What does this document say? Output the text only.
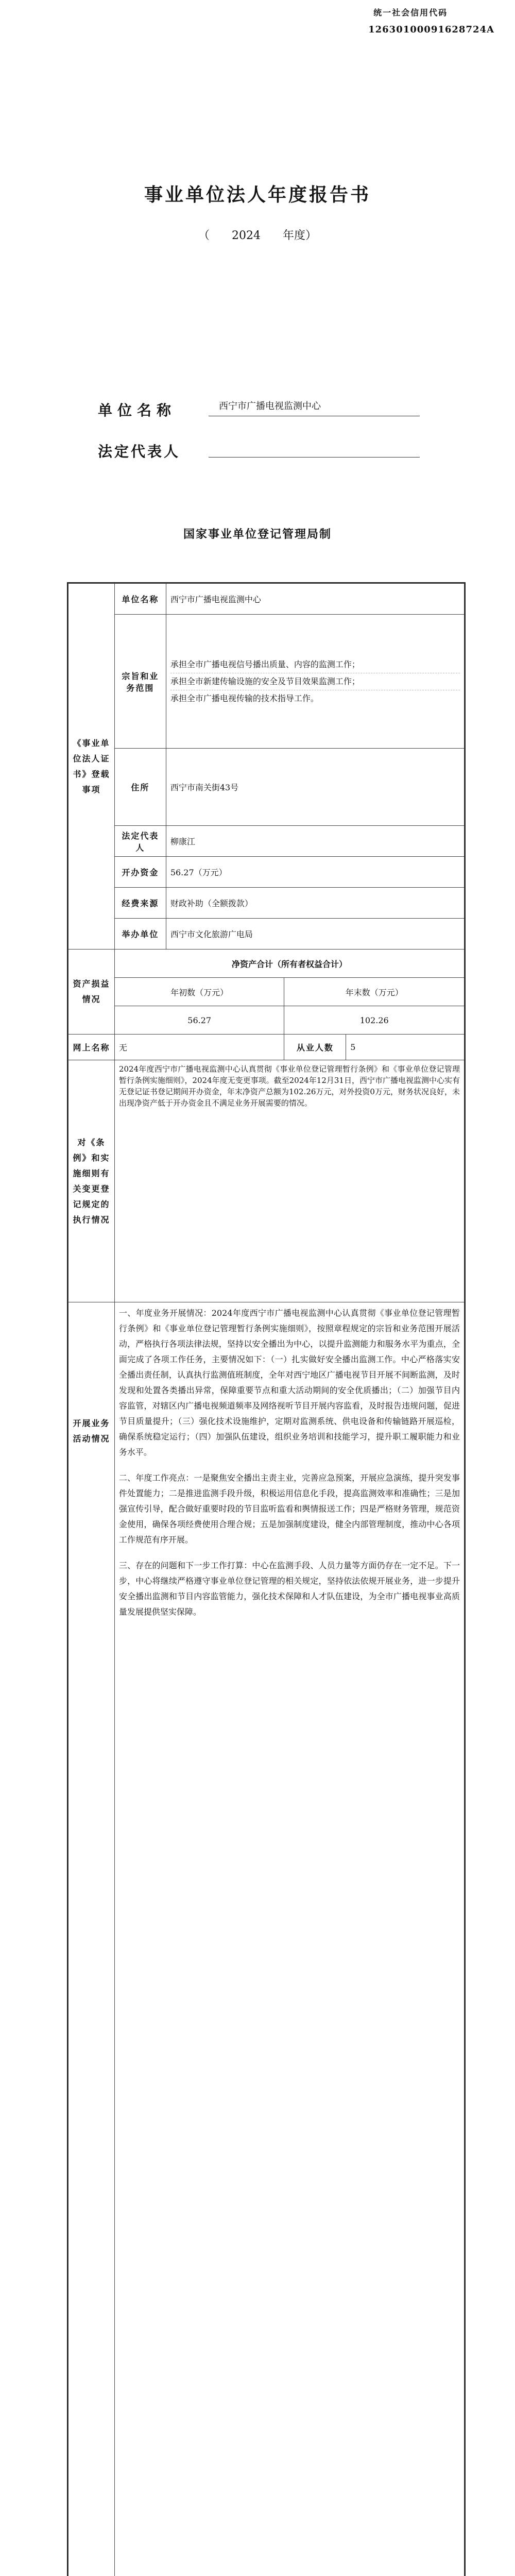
统一社会信用代码
12630100091628724A
事业单位法人年度报告书
（ 2024 年度）
单位名称	西宁市广播电视监测中心
法定代表人
国家事业单位登记管理局制
《事业单位法人证书》登载事项	单位名称	西宁市广播电视监测中心		
	宗旨和业务范围	承担全市广播电视信号播出质量、内容的监测工作；
承担全市新建传输设施的安全及节目效果监测工作；
承担全市广播电视传输的技术指导工作。		

	住所	西宁市南关街43号		
	法定代表人	柳康江		
	开办资金	56.27（万元）		
	经费来源	财政补助（全额拨款）		
	举办单位	西宁市文化旅游广电局		
资产损益情况	净资产合计（所有者权益合计）			
	年初数（万元）		年末数（万元）	
	56.27		102.26	
网上名称	无		从业人数	5
对《条例》和实施细则有关变更登记规定的执行情况	2024年度西宁市广播电视监测中心认真贯彻《事业单位登记管理暂行条例》和《事业单位登记管理暂行条例实施细则》，2024年度无变更事项。截至2024年12月31日，西宁市广播电视监测中心实有无登记证书登记期间开办资金，年末净资产总额为102.26万元，对外投资0万元，财务状况良好，未出现净资产低于开办资金且不满足业务开展需要的情况。			

开展业务活动情况	一、年度业务开展情况：2024年度西宁市广播电视监测中心认真贯彻《事业单位登记管理暂行条例》和《事业单位登记管理暂行条例实施细则》，按照章程规定的宗旨和业务范围开展活动，严格执行各项法律法规，坚持以安全播出为中心，以提升监测能力和服务水平为重点，全面完成了各项工作任务，主要情况如下：（一）扎实做好安全播出监测工作。中心严格落实安全播出责任制，认真执行监测值班制度，全年对西宁地区广播电视节目开展不间断监测，及时发现和处置各类播出异常，保障重要节点和重大活动期间的安全优质播出；（二）加强节目内容监管，对辖区内广播电视频道频率及网络视听节目开展内容监看，及时报告违规问题，促进节目质量提升；（三）强化技术设施维护，定期对监测系统、供电设备和传输链路开展巡检，确保系统稳定运行；（四）加强队伍建设，组织业务培训和技能学习，提升职工履职能力和业务水平。
二、年度工作亮点：一是聚焦安全播出主责主业，完善应急预案，开展应急演练，提升突发事件处置能力；二是推进监测手段升级，积极运用信息化手段，提高监测效率和准确性；三是加强宣传引导，配合做好重要时段的节目监听监看和舆情报送工作；四是严格财务管理，规范资金使用，确保各项经费使用合理合规；五是加强制度建设，健全内部管理制度，推动中心各项工作规范有序开展。
三、存在的问题和下一步工作打算：中心在监测手段、人员力量等方面仍存在一定不足。下一步，中心将继续严格遵守事业单位登记管理的相关规定，坚持依法依规开展业务，进一步提升安全播出监测和节目内容监管能力，强化技术保障和人才队伍建设，为全市广播电视事业高质量发展提供坚实保障。			
